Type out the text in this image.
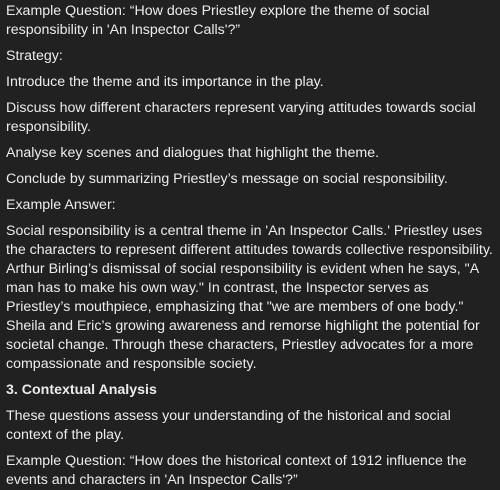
Example Question: “How does Priestley explore the theme of social responsibility in 'An Inspector Calls'?”

Strategy:

Introduce the theme and its importance in the play.

Discuss how different characters represent varying attitudes towards social responsibility.

Analyse key scenes and dialogues that highlight the theme.

Conclude by summarizing Priestley’s message on social responsibility.

Example Answer:

Social responsibility is a central theme in 'An Inspector Calls.' Priestley uses the characters to represent different attitudes towards collective responsibility. Arthur Birling’s dismissal of social responsibility is evident when he says, "A man has to make his own way." In contrast, the Inspector serves as Priestley’s mouthpiece, emphasizing that "we are members of one body." Sheila and Eric’s growing awareness and remorse highlight the potential for societal change. Through these characters, Priestley advocates for a more compassionate and responsible society.

3. Contextual Analysis

These questions assess your understanding of the historical and social context of the play.

Example Question: “How does the historical context of 1912 influence the events and characters in 'An Inspector Calls'?”
